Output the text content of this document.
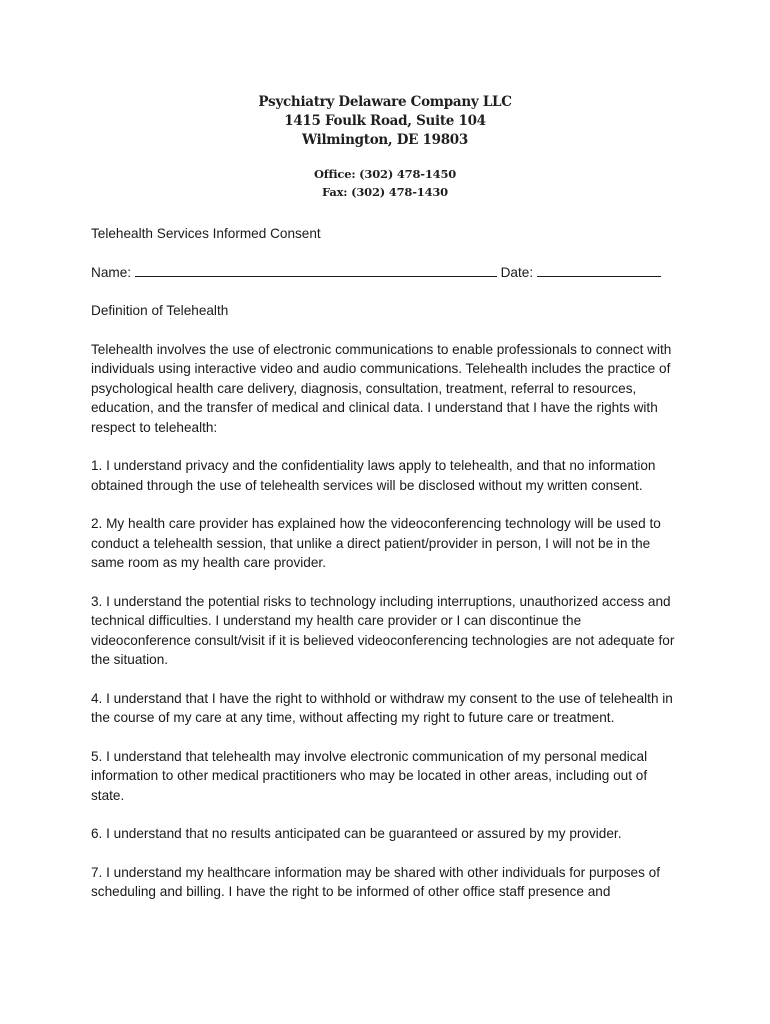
Psychiatry Delaware Company LLC
1415 Foulk Road, Suite 104
Wilmington, DE 19803
Office: (302) 478-1450
Fax: (302) 478-1430

Telehealth Services Informed Consent

Name:	Date:

Definition of Telehealth

Telehealth involves the use of electronic communications to enable professionals to connect with individuals using interactive video and audio communications. Telehealth includes the practice of psychological health care delivery, diagnosis, consultation, treatment, referral to resources, education, and the transfer of medical and clinical data. I understand that I have the rights with respect to telehealth:

1. I understand privacy and the confidentiality laws apply to telehealth, and that no information obtained through the use of telehealth services will be disclosed without my written consent.

2. My health care provider has explained how the videoconferencing technology will be used to conduct a telehealth session, that unlike a direct patient/provider in person, I will not be in the same room as my health care provider.

3. I understand the potential risks to technology including interruptions, unauthorized access and technical difficulties. I understand my health care provider or I can discontinue the videoconference consult/visit if it is believed videoconferencing technologies are not adequate for the situation.

4. I understand that I have the right to withhold or withdraw my consent to the use of telehealth in the course of my care at any time, without affecting my right to future care or treatment.

5. I understand that telehealth may involve electronic communication of my personal medical information to other medical practitioners who may be located in other areas, including out of state.

6. I understand that no results anticipated can be guaranteed or assured by my provider.

7. I understand my healthcare information may be shared with other individuals for purposes of scheduling and billing. I have the right to be informed of other office staff presence and
